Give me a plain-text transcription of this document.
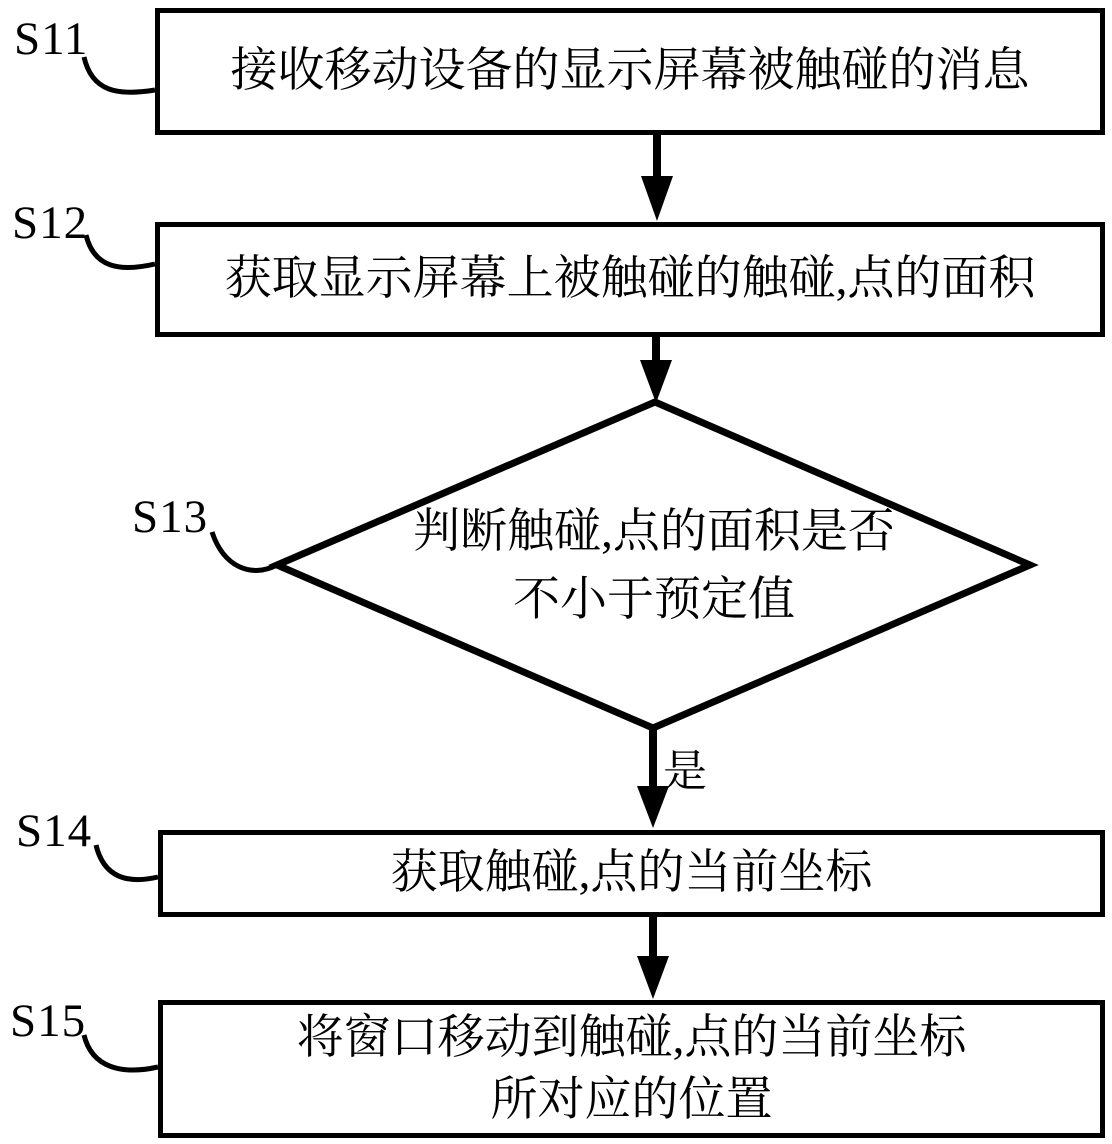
S11
S12
S13
S14
S15
接收移动设备的显示屏幕被触碰的消息
获取显示屏幕上被触碰的触碰,点的面积
判断触碰,点的面积是否
不小于预定值
是
获取触碰,点的当前坐标
将窗口移动到触碰,点的当前坐标
所对应的位置
